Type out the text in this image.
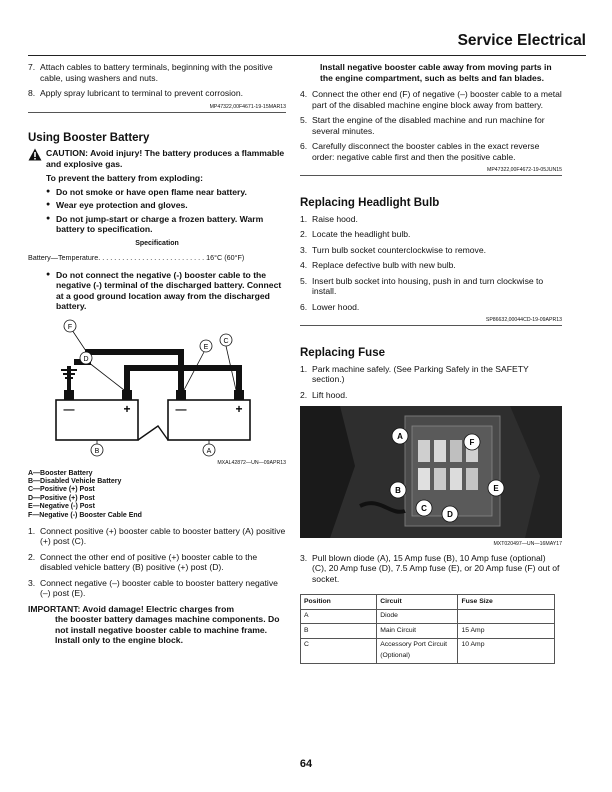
Service Electrical
7. Attach cables to battery terminals, beginning with the positive cable, using washers and nuts.
8. Apply spray lubricant to terminal to prevent corrosion.
MP47322,00F4671-19-15MAR13
Using Booster Battery
CAUTION: Avoid injury! The battery produces a flammable and explosive gas.
To prevent the battery from exploding:
● Do not smoke or have open flame near battery.
● Wear eye protection and gloves.
● Do not jump-start or charge a frozen battery. Warm battery to specification.
Specification
Battery—Temperature. . . . . . . . . . . . . . . . . . . . . . . . . . . 16°C (60°F)
● Do not connect the negative (-) booster cable to the negative (-) terminal of the discharged battery. Connect at a good ground location away from the discharged battery.
—	+	—	+
F
D
E
C
B	A
MXAL42872—UN—09APR13
A—Booster Battery
B—Disabled Vehicle Battery
C—Positive (+) Post
D—Positive (+) Post
E—Negative (-) Post
F—Negative (-) Booster Cable End
1. Connect positive (+) booster cable to booster battery (A) positive (+) post (C).
2. Connect the other end of positive (+) booster cable to the disabled vehicle battery (B) positive (+) post (D).
3. Connect negative (–) booster cable to booster battery negative (–) post (E).
IMPORTANT: Avoid damage! Electric charges from
the booster battery damages machine components. Do not install negative booster cable to machine frame. Install only to the engine block.
Install negative booster cable away from moving parts in the engine compartment, such as belts and fan blades.
4. Connect the other end (F) of negative (–) booster cable to a metal part of the disabled machine engine block away from battery.
5. Start the engine of the disabled machine and run machine for several minutes.
6. Carefully disconnect the booster cables in the exact reverse order: negative cable first and then the positive cable.
MP47322,00F4672-19-05JUN15
Replacing Headlight Bulb
1. Raise hood.
2. Locate the headlight bulb.
3. Turn bulb socket counterclockwise to remove.
4. Replace defective bulb with new bulb.
5. Insert bulb socket into housing, push in and turn clockwise to install.
6. Lower hood.
SP86632,00044CD-19-09APR13
Replacing Fuse
1. Park machine safely. (See Parking Safely in the SAFETY section.)
2. Lift hood.
A
F
B	E
C
D
MXT020497—UN—16MAY17
3. Pull blown diode (A), 15 Amp fuse (B), 10 Amp fuse (optional) (C), 20 Amp fuse (D), 7.5 Amp fuse (E), or 20 Amp fuse (F) out of socket.
Position	Circuit	Fuse Size
A	Diode	
B	Main Circuit	15 Amp
C	Accessory Port Circuit (Optional)	10 Amp
64
